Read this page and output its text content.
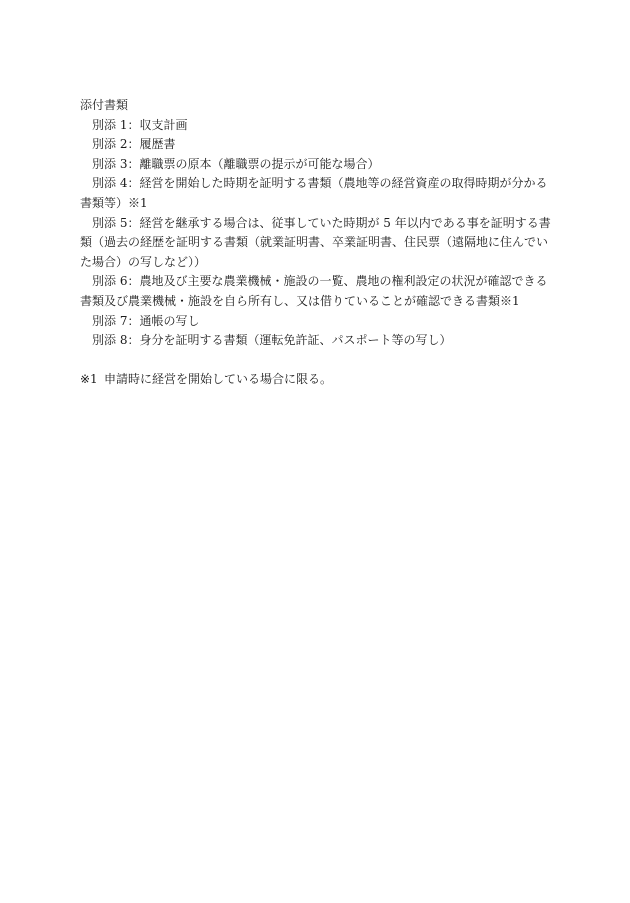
添付書類

別添 1：収支計画

別添 2：履歴書

別添 3：離職票の原本（離職票の提示が可能な場合）

別添 4：経営を開始した時期を証明する書類（農地等の経営資産の取得時期が分かる書類等）※1

別添 5：経営を継承する場合は、従事していた時期が 5 年以内である事を証明する書類（過去の経歴を証明する書類（就業証明書、卒業証明書、住民票（遠隔地に住んでいた場合）の写しなど））

別添 6：農地及び主要な農業機械・施設の一覧、農地の権利設定の状況が確認できる書類及び農業機械・施設を自ら所有し、又は借りていることが確認できる書類※1

別添 7：通帳の写し

別添 8：身分を証明する書類（運転免許証、パスポート等の写し）

※1 申請時に経営を開始している場合に限る。
